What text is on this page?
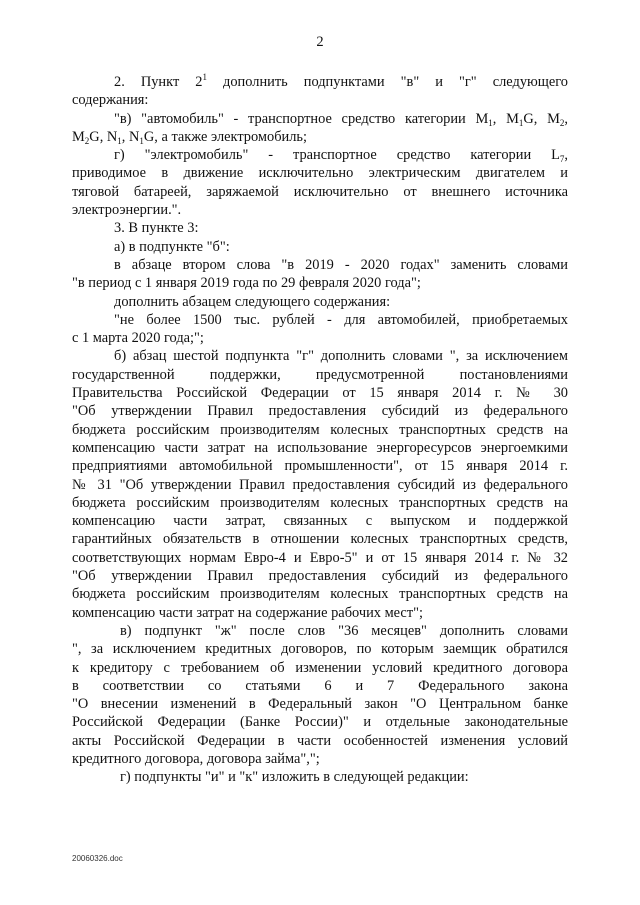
2
2. Пункт $2^1$ дополнить подпунктами "в" и "г" следующего
содержания:
"в) "автомобиль" - транспортное средство категории $M_1$, $M_1G$, $M_2$,
$M_2G$, $N_1$, $N_1G$, а также электромобиль;
г) "электромобиль" - транспортное средство категории $L_7$,
приводимое в движение исключительно электрическим двигателем и
тяговой батареей, заряжаемой исключительно от внешнего источника
электроэнергии.".
3. В пункте 3:
а) в подпункте "б":
в абзаце втором слова "в 2019 - 2020 годах" заменить словами
"в период с 1 января 2019 года по 29 февраля 2020 года";
дополнить абзацем следующего содержания:
"не более 1500 тыс. рублей - для автомобилей, приобретаемых
с 1 марта 2020 года;";
б) абзац шестой подпункта "г" дополнить словами ", за исключением
государственной поддержки, предусмотренной постановлениями
Правительства Российской Федерации от 15 января 2014 г. № 30
"Об утверждении Правил предоставления субсидий из федерального
бюджета российским производителям колесных транспортных средств на
компенсацию части затрат на использование энергоресурсов энергоемкими
предприятиями автомобильной промышленности", от 15 января 2014 г.
№ 31 "Об утверждении Правил предоставления субсидий из федерального
бюджета российским производителям колесных транспортных средств на
компенсацию части затрат, связанных с выпуском и поддержкой
гарантийных обязательств в отношении колесных транспортных средств,
соответствующих нормам Евро-4 и Евро-5" и от 15 января 2014 г. № 32
"Об утверждении Правил предоставления субсидий из федерального
бюджета российским производителям колесных транспортных средств на
компенсацию части затрат на содержание рабочих мест";
в) подпункт "ж" после слов "36 месяцев" дополнить словами
", за исключением кредитных договоров, по которым заемщик обратился
к кредитору с требованием об изменении условий кредитного договора
в соответствии со статьями 6 и 7 Федерального закона
"О внесении изменений в Федеральный закон "О Центральном банке
Российской Федерации (Банке России)" и отдельные законодательные
акты Российской Федерации в части особенностей изменения условий
кредитного договора, договора займа",";
г) подпункты "и" и "к" изложить в следующей редакции:
20060326.doc
